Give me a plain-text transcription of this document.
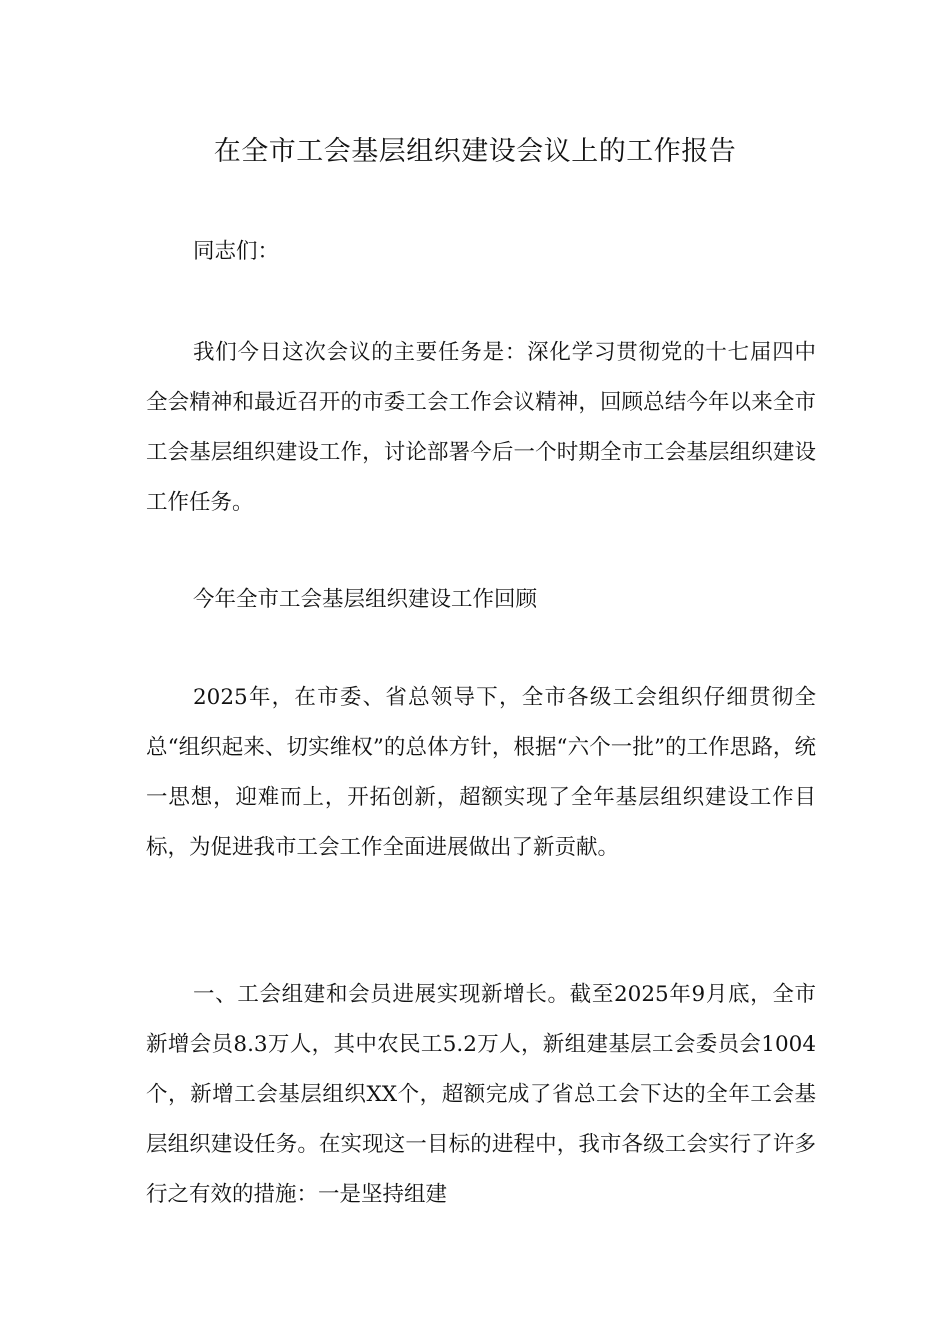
在全市工会基层组织建设会议上的工作报告

同志们：

我们今日这次会议的主要任务是：深化学习贯彻党的十七届四中全会精神和最近召开的市委工会工作会议精神，回顾总结今年以来全市工会基层组织建设工作，讨论部署今后一个时期全市工会基层组织建设工作任务。

今年全市工会基层组织建设工作回顾

2025年，在市委、省总领导下，全市各级工会组织仔细贯彻全总“组织起来、切实维权”的总体方针，根据“六个一批”的工作思路，统一思想，迎难而上，开拓创新，超额实现了全年基层组织建设工作目标，为促进我市工会工作全面进展做出了新贡献。

一、工会组建和会员进展实现新增长。截至2025年9月底，全市新增会员8.3万人，其中农民工5.2万人，新组建基层工会委员会1004个，新增工会基层组织XX个，超额完成了省总工会下达的全年工会基层组织建设任务。在实现这一目标的进程中，我市各级工会实行了许多行之有效的措施：一是坚持组建
